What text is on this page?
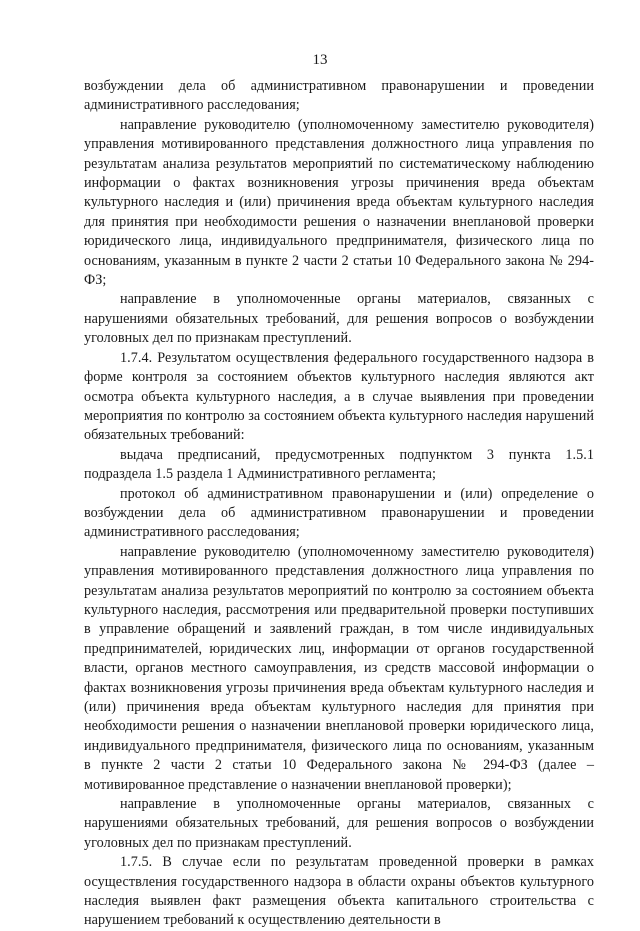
13

возбуждении дела об административном правонарушении и проведении административного расследования;

направление руководителю (уполномоченному заместителю руководителя) управления мотивированного представления должностного лица управления по результатам анализа результатов мероприятий по систематическому наблюдению информации о фактах возникновения угрозы причинения вреда объектам культурного наследия и (или) причинения вреда объектам культурного наследия для принятия при необходимости решения о назначении внеплановой проверки юридического лица, индивидуального предпринимателя, физического лица по основаниям, указанным в пункте 2 части 2 статьи 10 Федерального закона № 294-ФЗ;

направление в уполномоченные органы материалов, связанных с нарушениями обязательных требований, для решения вопросов о возбуждении уголовных дел по признакам преступлений.

1.7.4. Результатом осуществления федерального государственного надзора в форме контроля за состоянием объектов культурного наследия являются акт осмотра объекта культурного наследия, а в случае выявления при проведении мероприятия по контролю за состоянием объекта культурного наследия нарушений обязательных требований:

выдача предписаний, предусмотренных подпунктом 3 пункта 1.5.1 подраздела 1.5 раздела 1 Административного регламента;

протокол об административном правонарушении и (или) определение о возбуждении дела об административном правонарушении и проведении административного расследования;

направление руководителю (уполномоченному заместителю руководителя) управления мотивированного представления должностного лица управления по результатам анализа результатов мероприятий по контролю за состоянием объекта культурного наследия, рассмотрения или предварительной проверки поступивших в управление обращений и заявлений граждан, в том числе индивидуальных предпринимателей, юридических лиц, информации от органов государственной власти, органов местного самоуправления, из средств массовой информации о фактах возникновения угрозы причинения вреда объектам культурного наследия и (или) причинения вреда объектам культурного наследия для принятия при необходимости решения о назначении внеплановой проверки юридического лица, индивидуального предпринимателя, физического лица по основаниям, указанным в пункте 2 части 2 статьи 10 Федерального закона № 294-ФЗ (далее – мотивированное представление о назначении внеплановой проверки);

направление в уполномоченные органы материалов, связанных с нарушениями обязательных требований, для решения вопросов о возбуждении уголовных дел по признакам преступлений.

1.7.5. В случае если по результатам проведенной проверки в рамках осуществления государственного надзора в области охраны объектов культурного наследия выявлен факт размещения объекта капитального строительства с нарушением требований к осуществлению деятельности в
